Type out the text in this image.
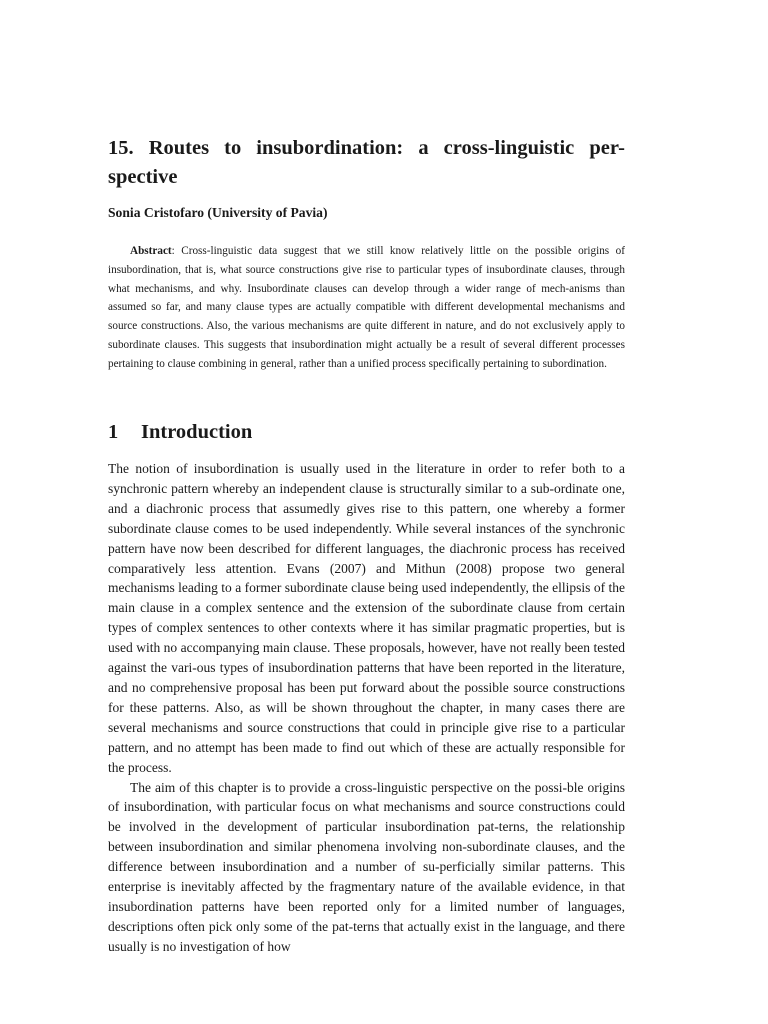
15. Routes to insubordination: a cross-linguistic per-spective

Sonia Cristofaro (University of Pavia)

Abstract: Cross-linguistic data suggest that we still know relatively little on the possible origins of insubordination, that is, what source constructions give rise to particular types of insubordinate clauses, through what mechanisms, and why. Insubordinate clauses can develop through a wider range of mech-anisms than assumed so far, and many clause types are actually compatible with different developmental mechanisms and source constructions. Also, the various mechanisms are quite different in nature, and do not exclusively apply to subordinate clauses. This suggests that insubordination might actually be a result of several different processes pertaining to clause combining in general, rather than a unified process specifically pertaining to subordination.

1 Introduction

The notion of insubordination is usually used in the literature in order to refer both to a synchronic pattern whereby an independent clause is structurally similar to a sub-ordinate one, and a diachronic process that assumedly gives rise to this pattern, one whereby a former subordinate clause comes to be used independently. While several instances of the synchronic pattern have now been described for different languages, the diachronic process has received comparatively less attention. Evans (2007) and Mithun (2008) propose two general mechanisms leading to a former subordinate clause being used independently, the ellipsis of the main clause in a complex sentence and the extension of the subordinate clause from certain types of complex sentences to other contexts where it has similar pragmatic properties, but is used with no accompanying main clause. These proposals, however, have not really been tested against the vari-ous types of insubordination patterns that have been reported in the literature, and no comprehensive proposal has been put forward about the possible source constructions for these patterns. Also, as will be shown throughout the chapter, in many cases there are several mechanisms and source constructions that could in principle give rise to a particular pattern, and no attempt has been made to find out which of these are actually responsible for the process.

The aim of this chapter is to provide a cross-linguistic perspective on the possi-ble origins of insubordination, with particular focus on what mechanisms and source constructions could be involved in the development of particular insubordination pat-terns, the relationship between insubordination and similar phenomena involving non-subordinate clauses, and the difference between insubordination and a number of su-perficially similar patterns. This enterprise is inevitably affected by the fragmentary nature of the available evidence, in that insubordination patterns have been reported only for a limited number of languages, descriptions often pick only some of the pat-terns that actually exist in the language, and there usually is no investigation of how
